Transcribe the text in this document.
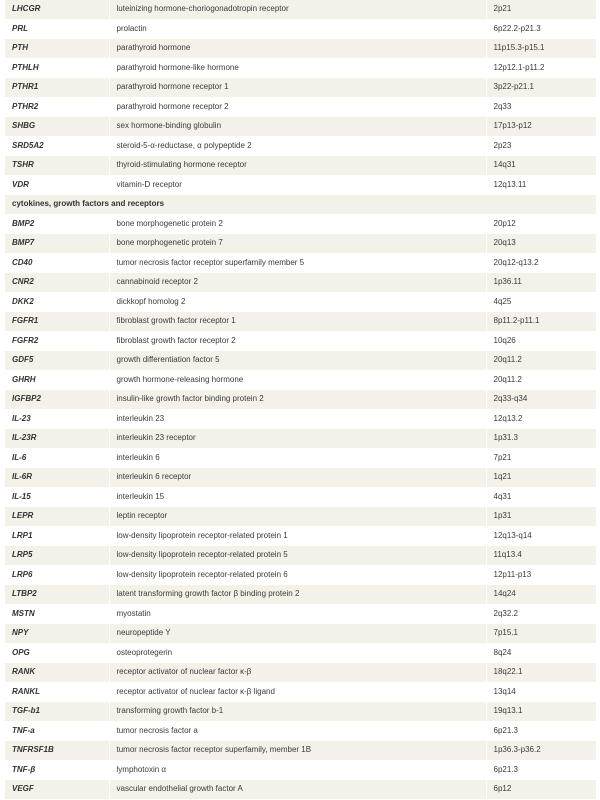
LHCGR	luteinizing hormone-choriogonadotropin receptor	2p21
PRL	prolactin	6p22.2-p21.3
PTH	parathyroid hormone	11p15.3-p15.1
PTHLH	parathyroid hormone-like hormone	12p12.1-p11.2
PTHR1	parathyroid hormone receptor 1	3p22-p21.1
PTHR2	parathyroid hormone receptor 2	2q33
SHBG	sex hormone-binding globulin	17p13-p12
SRD5A2	steroid-5-α-reductase, α polypeptide 2	2p23
TSHR	thyroid-stimulating hormone receptor	14q31
VDR	vitamin-D receptor	12q13.11
cytokines, growth factors and receptors		
BMP2	bone morphogenetic protein 2	20p12
BMP7	bone morphogenetic protein 7	20q13
CD40	tumor necrosis factor receptor superfamily member 5	20q12-q13.2
CNR2	cannabinoid receptor 2	1p36.11
DKK2	dickkopf homolog 2	4q25
FGFR1	fibroblast growth factor receptor 1	8p11.2-p11.1
FGFR2	fibroblast growth factor receptor 2	10q26
GDF5	growth differentiation factor 5	20q11.2
GHRH	growth hormone-releasing hormone	20q11.2
IGFBP2	insulin-like growth factor binding protein 2	2q33-q34
IL-23	interleukin 23	12q13.2
IL-23R	interleukin 23 receptor	1p31.3
IL-6	interleukin 6	7p21
IL-6R	interleukin 6 receptor	1q21
IL-15	interleukin 15	4q31
LEPR	leptin receptor	1p31
LRP1	low-density lipoprotein receptor-related protein 1	12q13-q14
LRP5	low-density lipoprotein receptor-related protein 5	11q13.4
LRP6	low-density lipoprotein receptor-related protein 6	12p11-p13
LTBP2	latent transforming growth factor β binding protein 2	14q24
MSTN	myostatin	2q32.2
NPY	neuropeptide Y	7p15.1
OPG	osteoprotegerin	8q24
RANK	receptor activator of nuclear factor κ-β	18q22.1
RANKL	receptor activator of nuclear factor κ-β ligand	13q14
TGF-b1	transforming growth factor b-1	19q13.1
TNF-a	tumor necrosis factor a	6p21.3
TNFRSF1B	tumor necrosis factor receptor superfamily, member 1B	1p36.3-p36.2
TNF-β	lymphotoxin α	6p21.3
VEGF	vascular endothelial growth factor A	6p12
